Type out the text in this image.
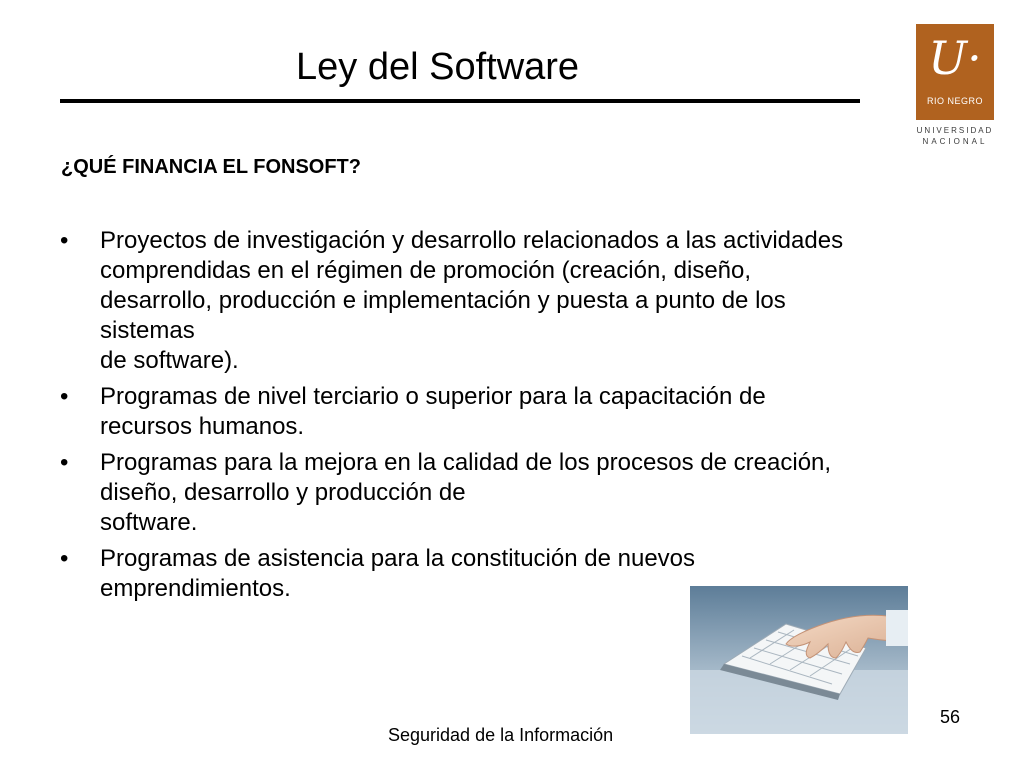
Ley del Software	U·
RIO NEGRO
UNIVERSIDAD
NACIONAL
¿QUÉ FINANCIA EL FONSOFT?
• Proyectos de investigación y desarrollo relacionados a las actividades
comprendidas en el régimen de promoción (creación, diseño,
desarrollo, producción e implementación y puesta a punto de los
sistemas
de software).
• Programas de nivel terciario o superior para la capacitación de
recursos humanos.
• Programas para la mejora en la calidad de los procesos de creación,
diseño, desarrollo y producción de
software.
• Programas de asistencia para la constitución de nuevos
emprendimientos.
Seguridad de la Información
56
